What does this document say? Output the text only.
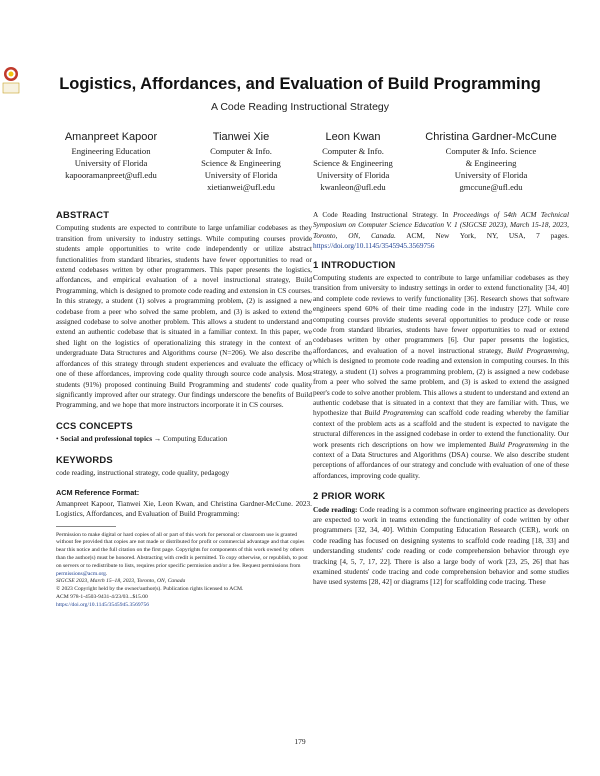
Logistics, Affordances, and Evaluation of Build Programming
A Code Reading Instructional Strategy
Amanpreet Kapoor
Engineering Education
University of Florida
kapooramanpreet@ufl.edu
Tianwei Xie
Computer & Info.
Science & Engineering
University of Florida
xietianwei@ufl.edu
Leon Kwan
Computer & Info.
Science & Engineering
University of Florida
kwanleon@ufl.edu
Christina Gardner-McCune
Computer & Info. Science
& Engineering
University of Florida
gmccune@ufl.edu
ABSTRACT

Computing students are expected to contribute to large unfamiliar codebases as they transition from university to industry settings. While computing courses provide students ample opportunities to write code independently or utilize abstract functionalities from standard libraries, students have fewer opportunities to read or extend codebases written by other programmers. This paper presents the logistics, affordances, and empirical evaluation of a novel instructional strategy, Build Programming, which is designed to promote code reading and extension in CS courses. In this strategy, a student (1) solves a programming problem, (2) is assigned a new codebase from a peer who solved the same problem, and (3) is asked to extend the assigned codebase to solve another problem. This allows a student to understand and extend an authentic codebase that is situated in a familiar context. In this paper, we shed light on the logistics of operationalizing this strategy in the context of an undergraduate Data Structures and Algorithms course (N=206). We also describe the affordances of this strategy through student experiences and evaluate the efficacy of one of these affordances, improving code quality through source code analysis. Most students (91%) proposed continuing Build Programming and students' code quality significantly improved after our strategy. Our findings underscore the benefits of Build Programming, and we hope that more instructors incorporate it in CS courses.

CCS CONCEPTS

• Social and professional topics → Computing Education

KEYWORDS

code reading, instructional strategy, code quality, pedagogy

ACM Reference Format:

Amanpreet Kapoor, Tianwei Xie, Leon Kwan, and Christina Gardner-McCune. 2023. Logistics, Affordances, and Evaluation of Build Programming:

Permission to make digital or hard copies of all or part of this work for personal or classroom use is granted without fee provided that copies are not made or distributed for profit or commercial advantage and that copies bear this notice and the full citation on the first page. Copyrights for components of this work owned by others than the author(s) must be honored. Abstracting with credit is permitted. To copy otherwise, or republish, to post on servers or to redistribute to lists, requires prior specific permission and/or a fee. Request permissions from permissions@acm.org.

SIGCSE 2023, March 15–18, 2023, Toronto, ON, Canada

© 2023 Copyright held by the owner/author(s). Publication rights licensed to ACM.

ACM 978-1-4503-9431-4/23/03...$15.00

https://doi.org/10.1145/3545945.3569756

A Code Reading Instructional Strategy. In Proceedings of 54th ACM Technical Symposium on Computer Science Education V. 1 (SIGCSE 2023), March 15-18, 2023, Toronto, ON, Canada. ACM, New York, NY, USA, 7 pages. https://doi.org/10.1145/3545945.3569756

1 INTRODUCTION

Computing students are expected to contribute to large unfamiliar codebases as they transition from university to industry settings in order to extend functionality [34, 40] and complete code reviews to verify functionality [36]. Research shows that software engineers spend 60% of their time reading code in the industry [27]. While core computing courses provide students several opportunities to produce code or reuse code from standard libraries, students have fewer opportunities to read or extend codebases written by other programmers [6]. Our paper presents the logistics, affordances, and evaluation of a novel instructional strategy, Build Programming, which is designed to promote code reading and extension in computing courses. In this strategy, a student (1) solves a programming problem, (2) is assigned a new codebase from a peer who solved the same problem, and (3) is asked to extend the assigned peer's code to solve another problem. This allows a student to understand and extend an authentic codebase that is situated in a context that they are familiar with. Thus, we hypothesize that Build Programming can scaffold code reading whereby the familiar context of the problem acts as a scaffold and the student is expected to navigate the structural differences in the assigned codebase in order to extend the functionality. Our work presents rich descriptions on how we implemented Build Programming in the context of a Data Structures and Algorithms (DSA) course. We also describe student perceptions of affordances of our strategy and conclude with evaluation of one of these affordances, improving code quality.

2 PRIOR WORK

Code reading: Code reading is a common software engineering practice as developers are expected to work in teams extending the functionality of code written by other programmers [32, 34, 40]. Within Computing Education Research (CER), work on code reading has focused on designing systems to scaffold code reading [18, 33] and understanding students' code reading or code comprehension behavior through eye tracking [4, 5, 7, 17, 22]. There is also a large body of work [23, 25, 26] that has examined students' code tracing and code comprehension behavior and some studies have used systems [28, 42] or diagrams [12] for scaffolding code tracing. These

179
